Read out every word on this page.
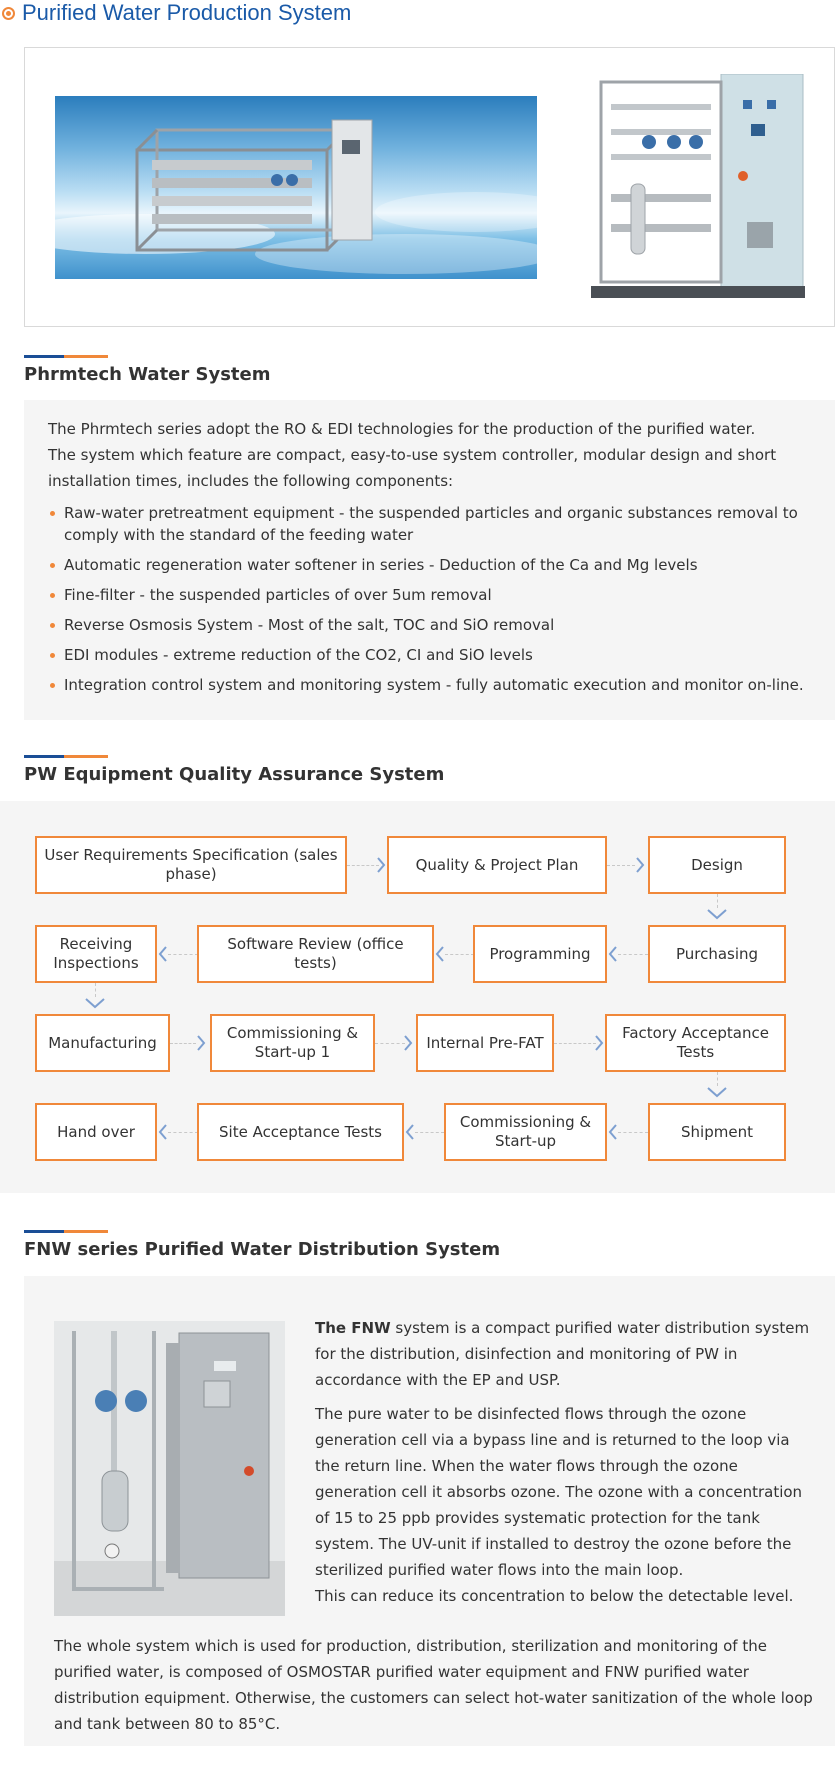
Purified Water Production System
Phrmtech Water System

The Phrmtech series adopt the RO & EDI technologies for the production of the purified water.

The system which feature are compact, easy-to-use system controller, modular design and short installation times, includes the following components:

Raw-water pretreatment equipment - the suspended particles and organic substances removal to comply with the standard of the feeding water
Automatic regeneration water softener in series - Deduction of the Ca and Mg levels
Fine-filter - the suspended particles of over 5um removal
Reverse Osmosis System - Most of the salt, TOC and SiO removal
EDI modules - extreme reduction of the CO2, CI and SiO levels
Integration control system and monitoring system - fully automatic execution and monitor on-line.
PW Equipment Quality Assurance System
User Requirements Specification (sales phase)
Quality & Project Plan	Design
Receiving Inspections
Software Review (office tests)
Programming	Purchasing
Manufacturing
Commissioning & Start-up 1
Internal Pre-FAT
Factory Acceptance Tests
Hand over	Site Acceptance Tests
Commissioning & Start-up
Shipment
FNW series Purified Water Distribution System

The FNW system is a compact purified water distribution system for the distribution, disinfection and monitoring of PW in accordance with the EP and USP.

The pure water to be disinfected flows through the ozone generation cell via a bypass line and is returned to the loop via the return line. When the water flows through the ozone generation cell it absorbs ozone. The ozone with a concentration of 15 to 25 ppb provides systematic protection for the tank system. The UV-unit if installed to destroy the ozone before the sterilized purified water flows into the main loop.

This can reduce its concentration to below the detectable level.

The whole system which is used for production, distribution, sterilization and monitoring of the purified water, is composed of OSMOSTAR purified water equipment and FNW purified water distribution equipment. Otherwise, the customers can select hot-water sanitization of the whole loop and tank between 80 to 85°C.
